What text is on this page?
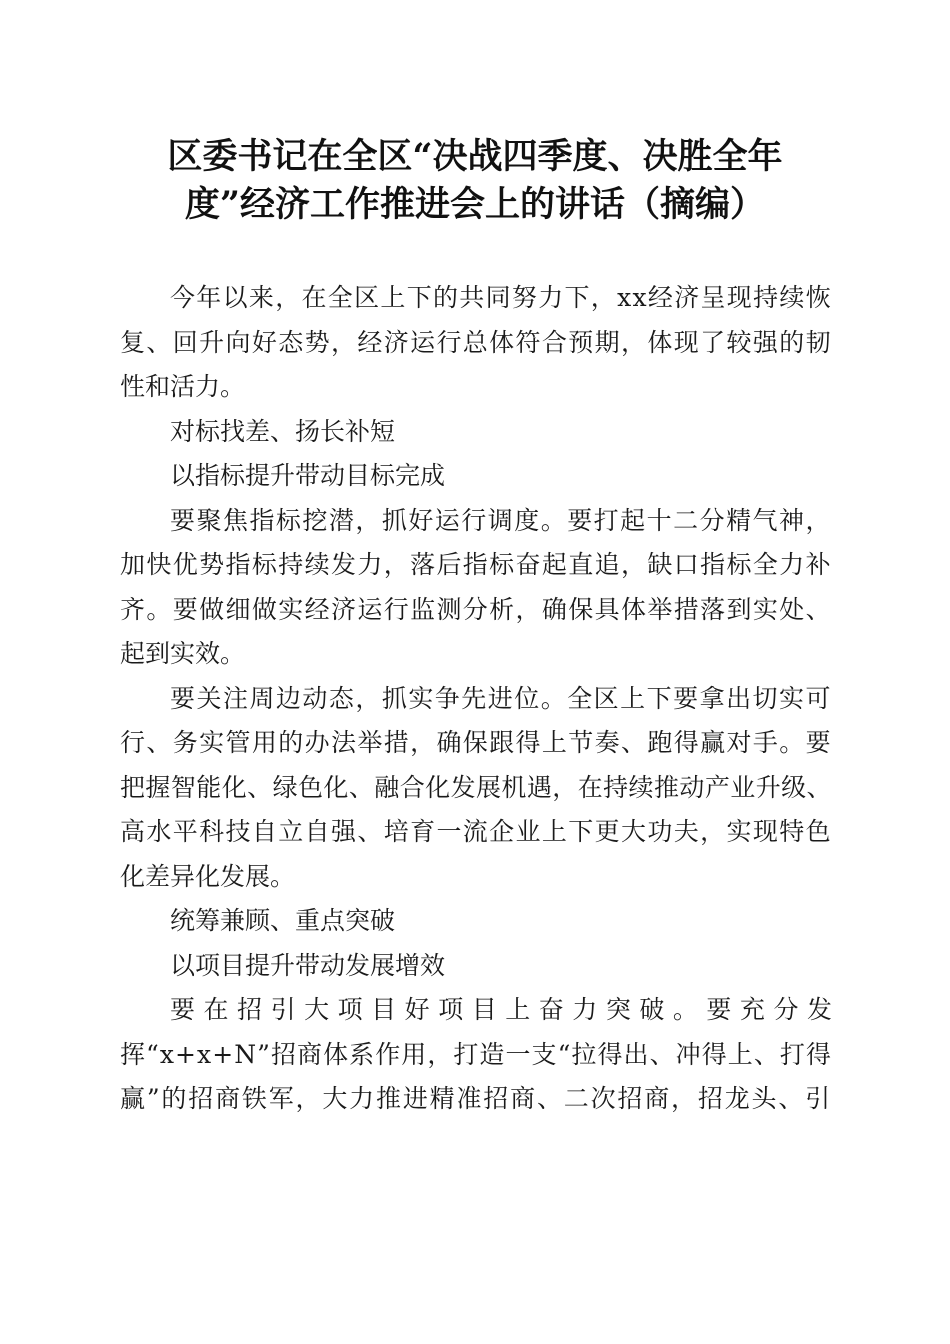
区委书记在全区“决战四季度、决胜全年
度”经济工作推进会上的讲话（摘编）
今年以来，在全区上下的共同努力下，xx经济呈现持续恢
复、回升向好态势，经济运行总体符合预期，体现了较强的韧
性和活力。
对标找差、扬长补短
以指标提升带动目标完成
要聚焦指标挖潜，抓好运行调度。要打起十二分精气神，
加快优势指标持续发力，落后指标奋起直追，缺口指标全力补
齐。要做细做实经济运行监测分析，确保具体举措落到实处、
起到实效。
要关注周边动态，抓实争先进位。全区上下要拿出切实可
行、务实管用的办法举措，确保跟得上节奏、跑得赢对手。要
把握智能化、绿色化、融合化发展机遇，在持续推动产业升级、
高水平科技自立自强、培育一流企业上下更大功夫，实现特色
化差异化发展。
统筹兼顾、重点突破
以项目提升带动发展增效
要在招引大项目好项目上奋力突破。要充分发
挥“x+x+N”招商体系作用，打造一支“拉得出、冲得上、打得
赢”的招商铁军，大力推进精准招商、二次招商，招龙头、引
